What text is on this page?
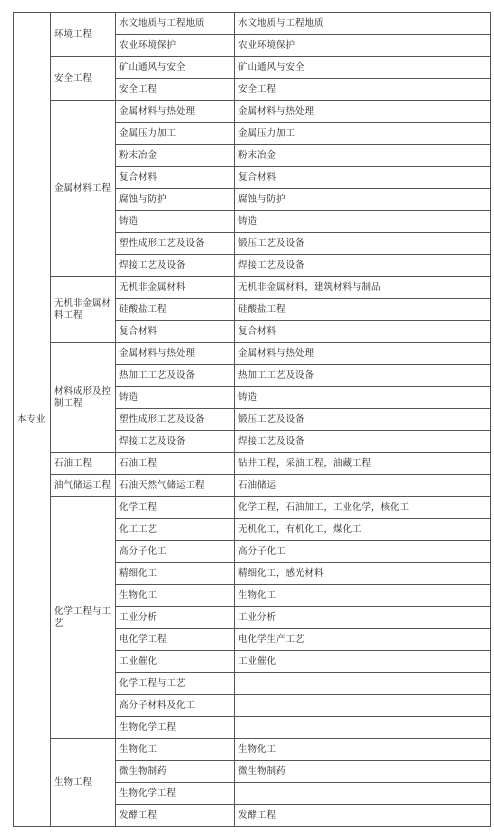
本专业	环境工程	水文地质与工程地质	水文地质与工程地质
		农业环境保护	农业环境保护
	安全工程	矿山通风与安全	矿山通风与安全
		安全工程	安全工程
	金属材料工程	金属材料与热处理	金属材料与热处理
		金属压力加工	金属压力加工
		粉末冶金	粉末冶金
		复合材料	复合材料
		腐蚀与防护	腐蚀与防护
		铸造	铸造
		塑性成形工艺及设备	锻压工艺及设备
		焊接工艺及设备	焊接工艺及设备
	无机非金属材料工程	无机非金属材料	无机非金属材料，建筑材料与制品
		硅酸盐工程	硅酸盐工程
		复合材料	复合材料
	材料成形及控制工程	金属材料与热处理	金属材料与热处理
		热加工工艺及设备	热加工工艺及设备
		铸造	铸造
		塑性成形工艺及设备	锻压工艺及设备
		焊接工艺及设备	焊接工艺及设备
	石油工程	石油工程	钻井工程，采油工程，油藏工程
	油气储运工程	石油天然气储运工程	石油储运
	化学工程与工艺	化学工程	化学工程，石油加工，工业化学，核化工
		化工工艺	无机化工，有机化工，煤化工
		高分子化工	高分子化工
		精细化工	精细化工，感光材料
		生物化工	生物化工
		工业分析	工业分析
		电化学工程	电化学生产工艺
		工业催化	工业催化
		化学工程与工艺	
		高分子材料及化工	
		生物化学工程	
	生物工程	生物化工	生物化工
		微生物制药	微生物制药
		生物化学工程	
		发酵工程	发酵工程
